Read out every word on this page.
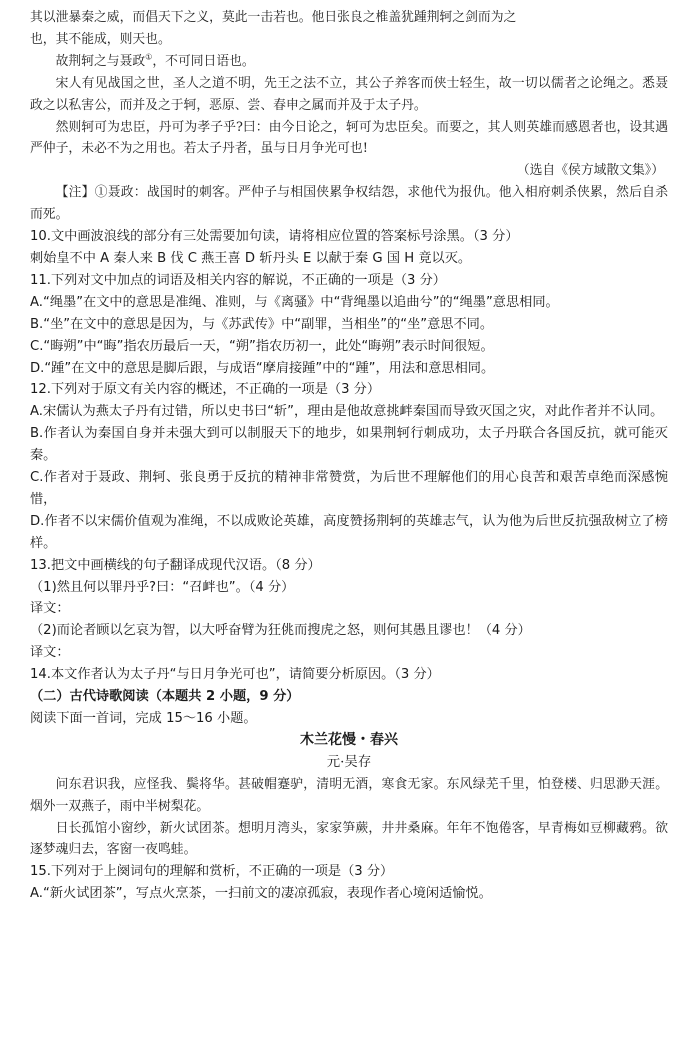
其以泄暴秦之威，而倡天下之义，莫此一击若也。他日张良之椎盖犹踵荆轲之剑而为之

也，其不能成，则天也。

故荆轲之与聂政①，不可同日语也。

宋人有见战国之世，圣人之道不明，先王之法不立，其公子养客而侠士轻生，故一切以儒者之论绳之。悉聂政之以私害公，而并及之于轲，恶原、尝、春申之属而并及于太子丹。

然则轲可为忠臣，丹可为孝子乎?曰：由今日论之，轲可为忠臣矣。而要之，其人则英雄而感恩者也，设其遇严仲子，未必不为之用也。若太子丹者，虽与日月争光可也!

（选自《侯方域散文集》）

【注】①聂政：战国时的刺客。严仲子与相国侠累争权结怨，求他代为报仇。他入相府刺杀侠累，然后自杀而死。

10.文中画波浪线的部分有三处需要加句读，请将相应位置的答案标号涂黑。（3 分）

刺始皇不中 A 秦人来 B 伐 C 燕王喜 D 斩丹头 E 以献于秦 G 国 H 竟以灭。

11.下列对文中加点的词语及相关内容的解说，不正确的一项是（3 分）

A.“绳墨”在文中的意思是准绳、准则，与《离骚》中“背绳墨以追曲兮”的“绳墨”意思相同。

B.“坐”在文中的意思是因为，与《苏武传》中“副罪，当相坐”的“坐”意思不同。

C.“晦朔”中“晦”指农历最后一天，“朔”指农历初一，此处“晦朔”表示时间很短。

D.“踵”在文中的意思是脚后跟，与成语“摩肩接踵”中的“踵”，用法和意思相同。

12.下列对于原文有关内容的概述，不正确的一项是（3 分）

A.宋儒认为燕太子丹有过错，所以史书曰“斩”，理由是他故意挑衅秦国而导致灭国之灾，对此作者并不认同。

B.作者认为秦国自身并未强大到可以制服天下的地步，如果荆轲行刺成功，太子丹联合各国反抗，就可能灭秦。

C.作者对于聂政、荆轲、张良勇于反抗的精神非常赞赏，为后世不理解他们的用心良苦和艰苦卓绝而深感惋惜，

D.作者不以宋儒价值观为准绳，不以成败论英雄，高度赞扬荆轲的英雄志气，认为他为后世反抗强敌树立了榜样。

13.把文中画横线的句子翻译成现代汉语。（8 分）

（1)然且何以罪丹乎?曰：“召衅也”。（4 分）

译文：

（2)而论者顾以乞哀为智，以大呼奋臂为狂佻而搜虎之怒，则何其愚且谬也！（4 分）

译文：

14.本文作者认为太子丹“与日月争光可也”，请简要分析原因。（3 分）

（二）古代诗歌阅读（本题共 2 小题，9 分）

阅读下面一首词，完成 15～16 小题。

木兰花慢・春兴

元·吴存

问东君识我，应怪我、鬓将华。甚破帽蹇驴，清明无酒，寒食无家。东风绿芜千里，怕登楼、归思渺天涯。烟外一双燕子，雨中半树梨花。

日长孤馆小窗纱，新火试团茶。想明月湾头，家家笋蕨，井井桑麻。年年不饱倦客，早青梅如豆柳藏鸦。欲逐梦魂归去，客窗一夜鸣蛙。

15.下列对于上阕词句的理解和赏析，不正确的一项是（3 分）

A.“新火试团茶”，写点火烹茶，一扫前文的凄凉孤寂，表现作者心境闲适愉悦。
